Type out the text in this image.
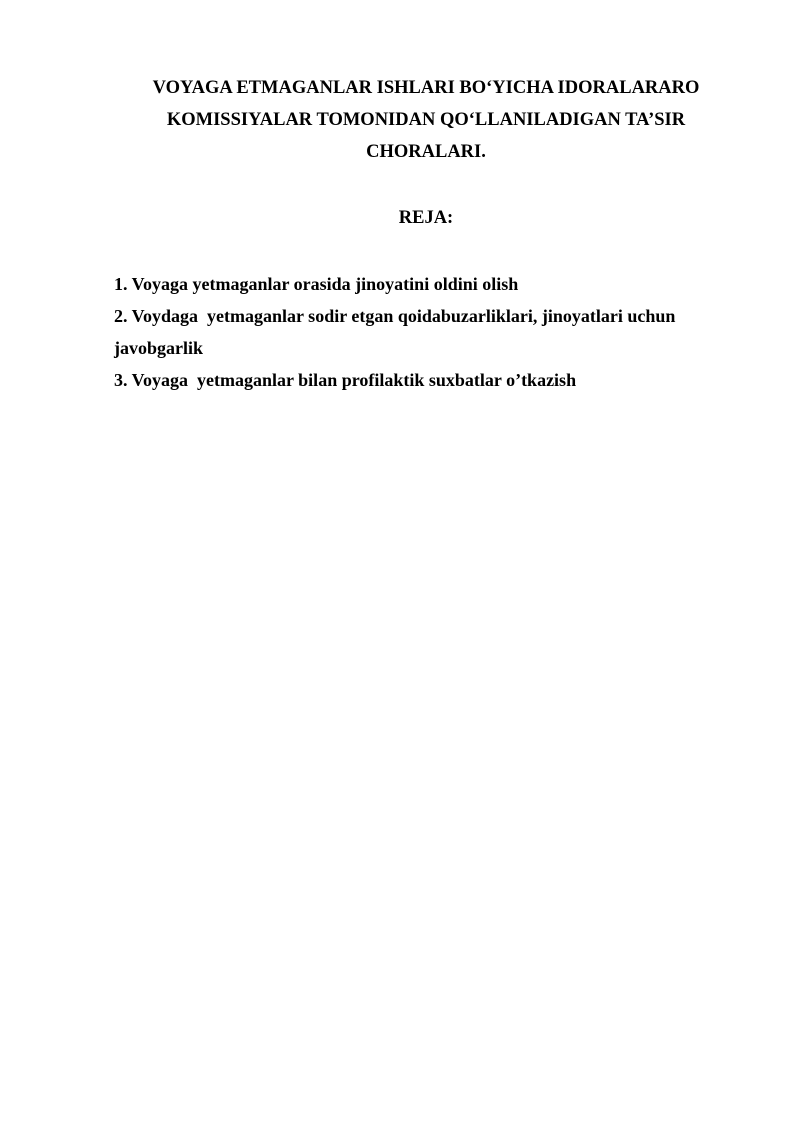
VOYAGA ETMAGANLAR ISHLARI BO‘YICHA IDORALARARO
KOMISSIYALAR TOMONIDAN QO‘LLANILADIGAN TA’SIR
CHORALARI.
REJA:
1. Voyaga yetmaganlar orasida jinoyatini oldini olish
2. Voydaga  yetmaganlar sodir etgan qoidabuzarliklari, jinoyatlari uchun javobgarlik
3. Voyaga  yetmaganlar bilan profilaktik suxbatlar o’tkazish
